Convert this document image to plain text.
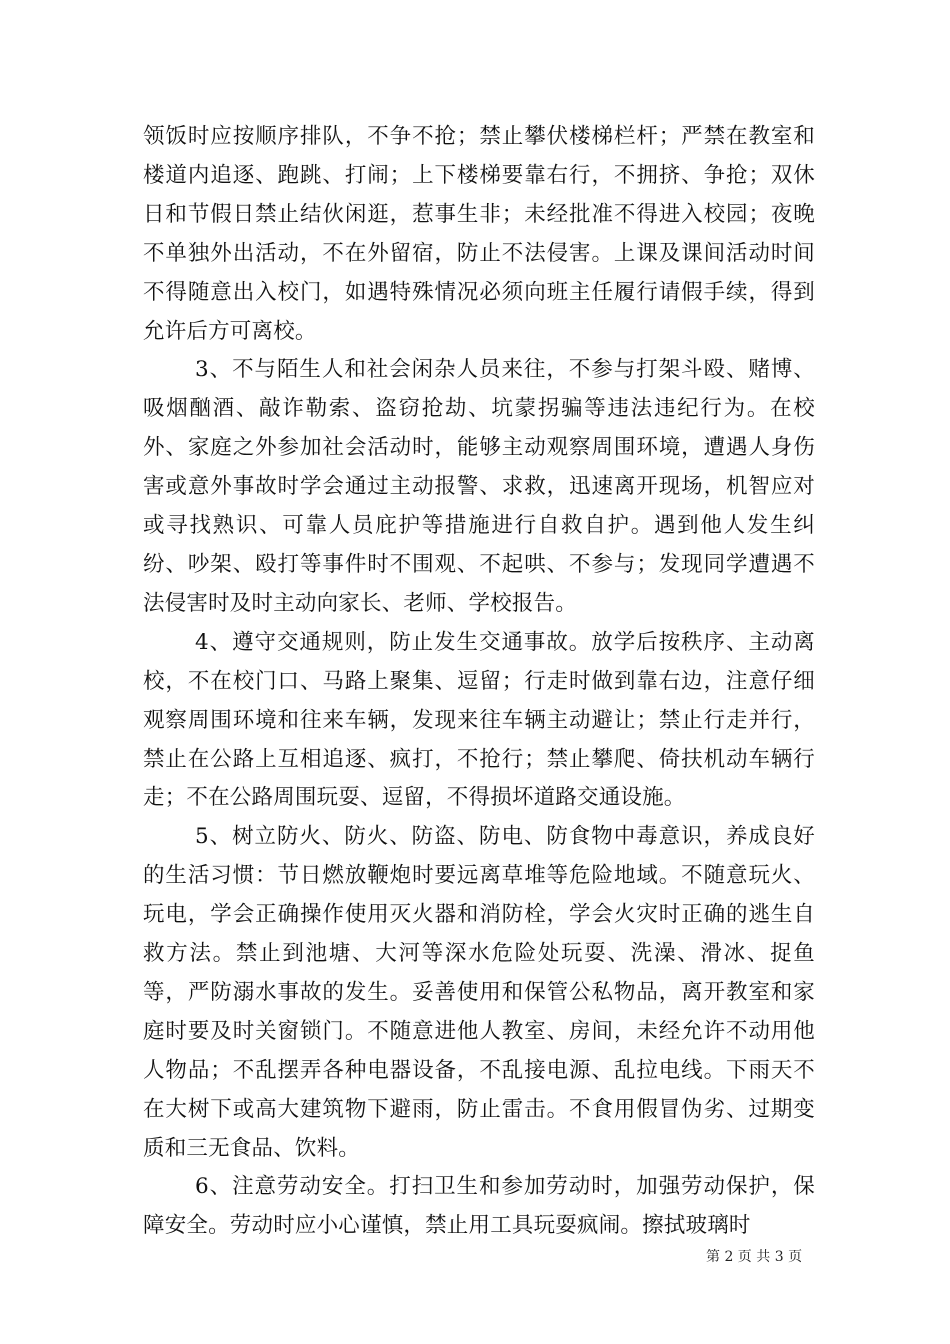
领饭时应按顺序排队，不争不抢；禁止攀伏楼梯栏杆；严禁在教室和楼道内追逐、跑跳、打闹；上下楼梯要靠右行，不拥挤、争抢；双休日和节假日禁止结伙闲逛，惹事生非；未经批准不得进入校园；夜晚不单独外出活动，不在外留宿，防止不法侵害。上课及课间活动时间不得随意出入校门，如遇特殊情况必须向班主任履行请假手续，得到允许后方可离校。

3、不与陌生人和社会闲杂人员来往，不参与打架斗殴、赌博、吸烟酗酒、敲诈勒索、盗窃抢劫、坑蒙拐骗等违法违纪行为。在校外、家庭之外参加社会活动时，能够主动观察周围环境，遭遇人身伤害或意外事故时学会通过主动报警、求救，迅速离开现场，机智应对或寻找熟识、可靠人员庇护等措施进行自救自护。遇到他人发生纠纷、吵架、殴打等事件时不围观、不起哄、不参与；发现同学遭遇不法侵害时及时主动向家长、老师、学校报告。

4、遵守交通规则，防止发生交通事故。放学后按秩序、主动离校，不在校门口、马路上聚集、逗留；行走时做到靠右边，注意仔细观察周围环境和往来车辆，发现来往车辆主动避让；禁止行走并行，禁止在公路上互相追逐、疯打，不抢行；禁止攀爬、倚扶机动车辆行走；不在公路周围玩耍、逗留，不得损坏道路交通设施。

5、树立防火、防火、防盗、防电、防食物中毒意识，养成良好的生活习惯：节日燃放鞭炮时要远离草堆等危险地域。不随意玩火、玩电，学会正确操作使用灭火器和消防栓，学会火灾时正确的逃生自救方法。禁止到池塘、大河等深水危险处玩耍、洗澡、滑冰、捉鱼等，严防溺水事故的发生。妥善使用和保管公私物品，离开教室和家庭时要及时关窗锁门。不随意进他人教室、房间，未经允许不动用他人物品；不乱摆弄各种电器设备，不乱接电源、乱拉电线。下雨天不在大树下或高大建筑物下避雨，防止雷击。不食用假冒伪劣、过期变质和三无食品、饮料。

6、注意劳动安全。打扫卫生和参加劳动时，加强劳动保护，保障安全。劳动时应小心谨慎，禁止用工具玩耍疯闹。擦拭玻璃时

第 2 页 共 3 页
